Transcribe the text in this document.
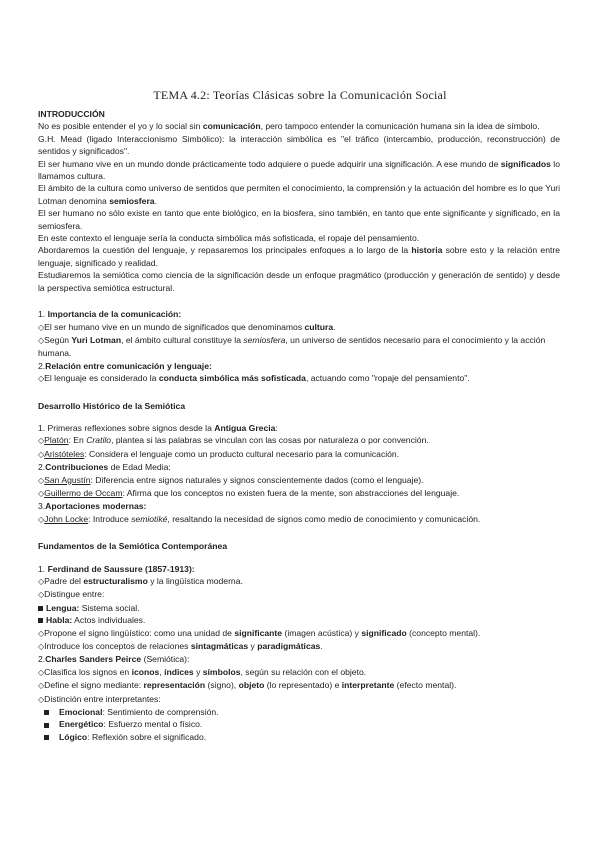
TEMA 4.2: Teorías Clásicas sobre la Comunicación Social

INTRODUCCIÓN

No es posible entender el yo y lo social sin comunicación, pero tampoco entender la comunicación humana sin la idea de símbolo.

G.H. Mead (ligado Interaccionismo Simbólico): la interacción simbólica es "el tráfico (intercambio, producción, reconstrucción) de sentidos y significados".

El ser humano vive en un mundo donde prácticamente todo adquiere o puede adquirir una significación. A ese mundo de significados lo llamamos cultura.

El ámbito de la cultura como universo de sentidos que permiten el conocimiento, la comprensión y la actuación del hombre es lo que Yuri Lotman denomina semiosfera.

El ser humano no sólo existe en tanto que ente biológico, en la biosfera, sino también, en tanto que ente significante y significado, en la semiosfera.

En este contexto el lenguaje sería la conducta simbólica más sofisticada, el ropaje del pensamiento.

Abordaremos la cuestión del lenguaje, y repasaremos los principales enfoques a lo largo de la historia sobre esto y la relación entre lenguaje, significado y realidad.

Estudiaremos la semiótica como ciencia de la significación desde un enfoque pragmático (producción y generación de sentido) y desde la perspectiva semiótica estructural.

1. Importancia de la comunicación:

◇El ser humano vive en un mundo de significados que denominamos cultura.

◇Según Yuri Lotman, el ámbito cultural constituye la semiosfera, un universo de sentidos necesario para el conocimiento y la acción humana.

2.Relación entre comunicación y lenguaje:

◇El lenguaje es considerado la conducta simbólica más sofisticada, actuando como "ropaje del pensamiento".

Desarrollo Histórico de la Semiótica

1. Primeras reflexiones sobre signos desde la Antigua Grecia:

◇Platón: En Cratilo, plantea si las palabras se vinculan con las cosas por naturaleza o por convención.

◇Aristóteles: Considera el lenguaje como un producto cultural necesario para la comunicación.

2.Contribuciones de Edad Media:

◇San Agustín: Diferencia entre signos naturales y signos conscientemente dados (como el lenguaje).

◇Guillermo de Occam: Afirma que los conceptos no existen fuera de la mente, son abstracciones del lenguaje.

3.Aportaciones modernas:

◇John Locke: Introduce semiotiké, resaltando la necesidad de signos como medio de conocimiento y comunicación.

Fundamentos de la Semiótica Contemporánea

1. Ferdinand de Saussure (1857-1913):

◇Padre del estructuralismo y la lingüística moderna.

◇Distingue entre:

Lengua: Sistema social.

Habla: Actos individuales.

◇Propone el signo lingüístico: como una unidad de significante (imagen acústica) y significado (concepto mental).

◇Introduce los conceptos de relaciones sintagmáticas y paradigmáticas.

2.Charles Sanders Peirce (Semiótica):

◇Clasifica los signos en iconos, índices y símbolos, según su relación con el objeto.

◇Define el signo mediante: representación (signo), objeto (lo representado) e interpretante (efecto mental).

◇Distinción entre interpretantes:

Emocional: Sentimiento de comprensión.

Energético: Esfuerzo mental o físico.

Lógico: Reflexión sobre el significado.
